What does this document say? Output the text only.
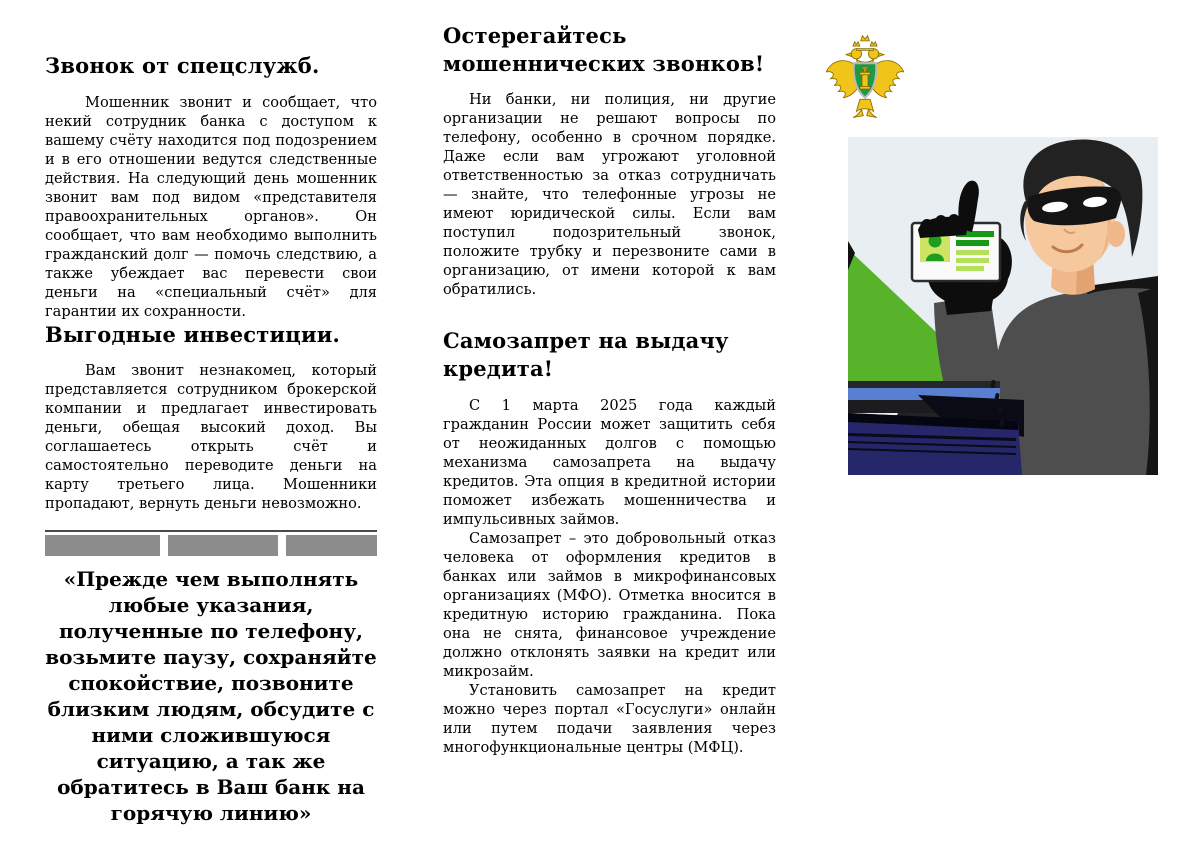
Звонок от спецслужб.

Мошенник звонит и сообщает, что некий сотрудник банка с доступом к вашему счёту находится под подозрением и в его отношении ведутся следственные действия. На следующий день мошенник звонит вам под видом «представителя правоохранительных органов». Он сообщает, что вам необходимо выполнить гражданский долг — помочь следствию, а также убеждает вас перевести свои деньги на «специальный счёт» для гарантии их сохранности.

Выгодные инвестиции.

Вам звонит незнакомец, который представляется сотрудником брокерской компании и предлагает инвестировать деньги, обещая высокий доход. Вы соглашаетесь открыть счёт и самостоятельно переводите деньги на карту третьего лица. Мошенники пропадают, вернуть деньги невозможно.

«Прежде чем выполнять любые указания, полученные по телефону, возьмите паузу, сохраняйте спокойствие, позвоните близким людям, обсудите с ними сложившуюся ситуацию, а так же обратитесь в Ваш банк на горячую линию»

Остерегайтесь мошеннических звонков!

Ни банки, ни полиция, ни другие организации не решают вопросы по телефону, особенно в срочном порядке. Даже если вам угрожают уголовной ответственностью за отказ сотрудничать — знайте, что телефонные угрозы не имеют юридической силы. Если вам поступил подозрительный звонок, положите трубку и перезвоните сами в организацию, от имени которой к вам обратились.

Самозапрет на выдачу кредита!

С 1 марта 2025 года каждый гражданин России может защитить себя от неожиданных долгов с помощью механизма самозапрета на выдачу кредитов. Эта опция в кредитной истории поможет избежать мошенничества и импульсивных займов.

Самозапрет – это добровольный отказ человека от оформления кредитов в банках или займов в микрофинансовых организациях (МФО). Отметка вносится в кредитную историю гражданина. Пока она не снята, финансовое учреждение должно отклонять заявки на кредит или микрозайм.

Установить самозапрет на кредит можно через портал «Госуслуги» онлайн или путем подачи заявления через многофункциональные центры (МФЦ).
